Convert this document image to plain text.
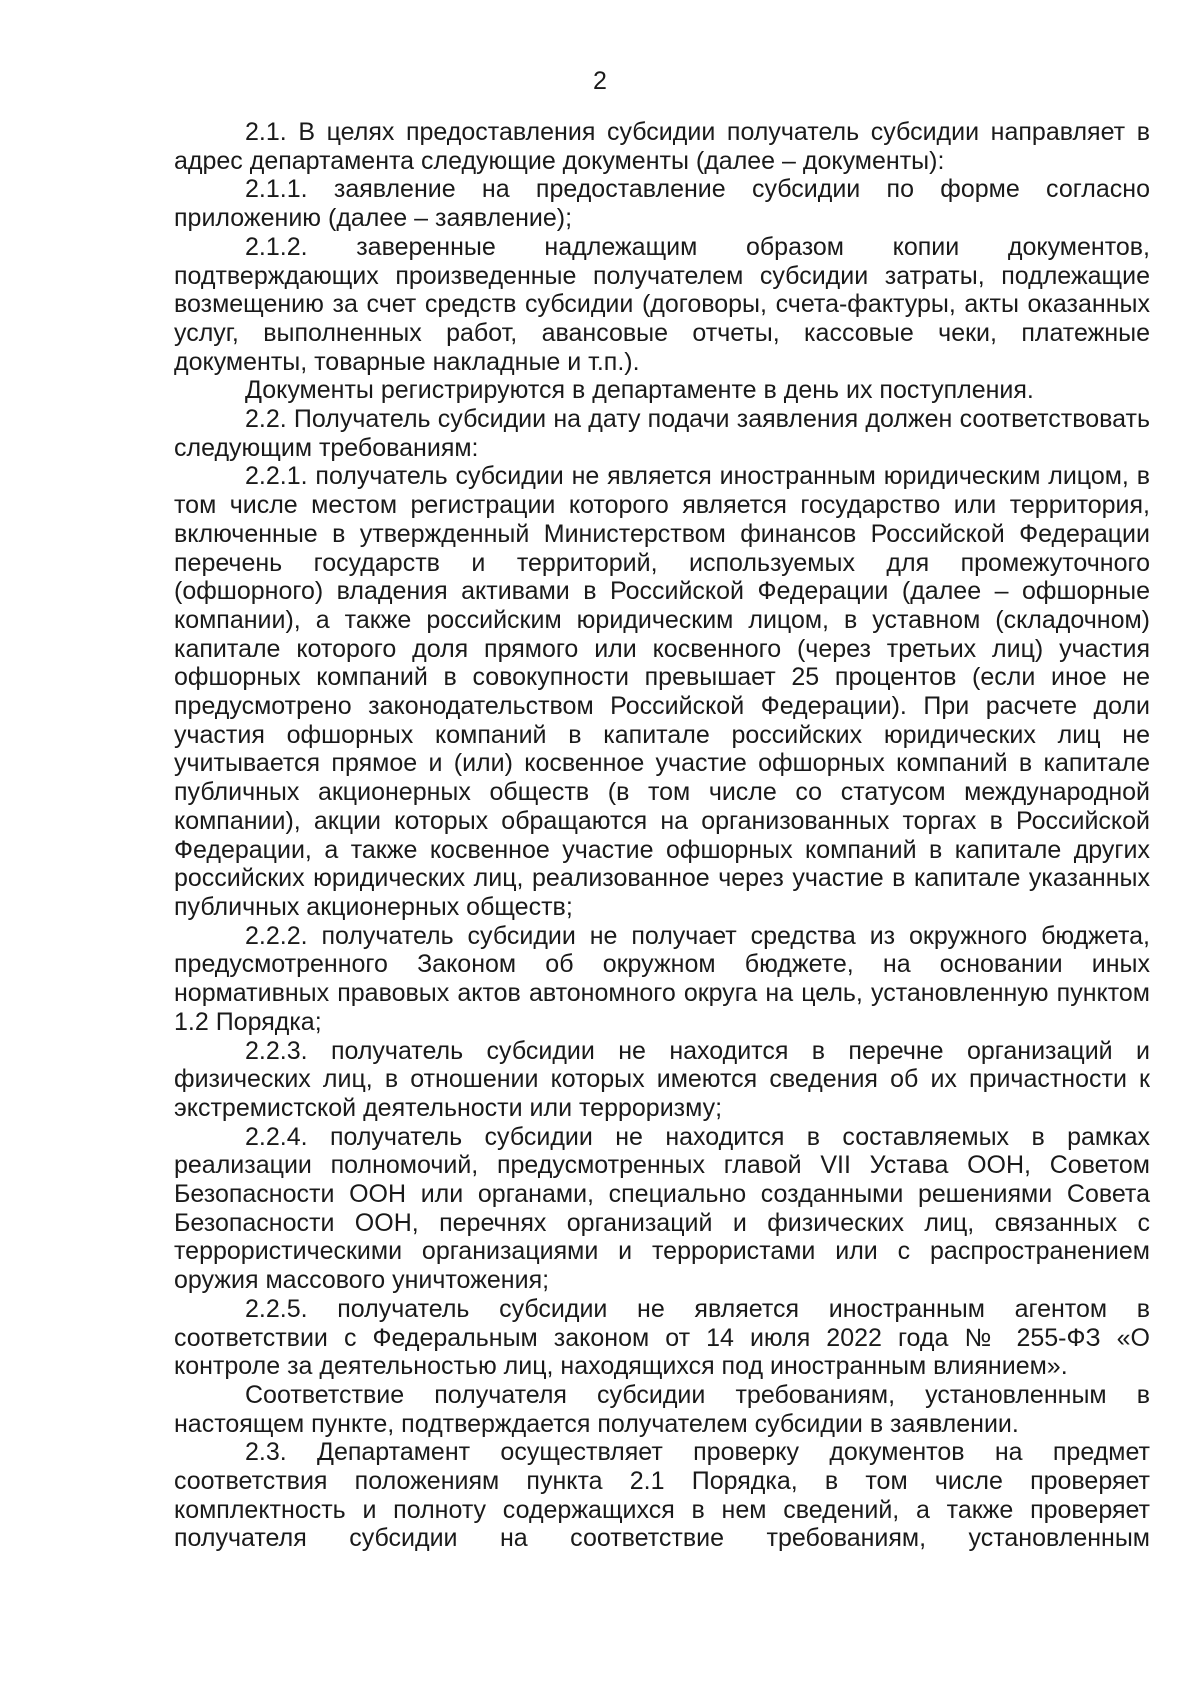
2

2.1. В целях предоставления субсидии получатель субсидии направляет в адрес департамента следующие документы (далее – документы):

2.1.1. заявление на предоставление субсидии по форме согласно приложению (далее – заявление);

2.1.2. заверенные надлежащим образом копии документов, подтверждающих произведенные получателем субсидии затраты, подлежащие возмещению за счет средств субсидии (договоры, счета-фактуры, акты оказанных услуг, выполненных работ, авансовые отчеты, кассовые чеки, платежные документы, товарные накладные и т.п.).

Документы регистрируются в департаменте в день их поступления.

2.2. Получатель субсидии на дату подачи заявления должен соответствовать следующим требованиям:

2.2.1. получатель субсидии не является иностранным юридическим лицом, в том числе местом регистрации которого является государство или территория, включенные в утвержденный Министерством финансов Российской Федерации перечень государств и территорий, используемых для промежуточного (офшорного) владения активами в Российской Федерации (далее – офшорные компании), а также российским юридическим лицом, в уставном (складочном) капитале которого доля прямого или косвенного (через третьих лиц) участия офшорных компаний в совокупности превышает 25 процентов (если иное не предусмотрено законодательством Российской Федерации). При расчете доли участия офшорных компаний в капитале российских юридических лиц не учитывается прямое и (или) косвенное участие офшорных компаний в капитале публичных акционерных обществ (в том числе со статусом международной компании), акции которых обращаются на организованных торгах в Российской Федерации, а также косвенное участие офшорных компаний в капитале других российских юридических лиц, реализованное через участие в капитале указанных публичных акционерных обществ;

2.2.2. получатель субсидии не получает средства из окружного бюджета, предусмотренного Законом об окружном бюджете, на основании иных нормативных правовых актов автономного округа на цель, установленную пунктом 1.2 Порядка;

2.2.3. получатель субсидии не находится в перечне организаций и физических лиц, в отношении которых имеются сведения об их причастности к экстремистской деятельности или терроризму;

2.2.4. получатель субсидии не находится в составляемых в рамках реализации полномочий, предусмотренных главой VII Устава ООН, Советом Безопасности ООН или органами, специально созданными решениями Совета Безопасности ООН, перечнях организаций и физических лиц, связанных с террористическими организациями и террористами или с распространением оружия массового уничтожения;

2.2.5. получатель субсидии не является иностранным агентом в соответствии с Федеральным законом от 14 июля 2022 года № 255-ФЗ «О контроле за деятельностью лиц, находящихся под иностранным влиянием».

Соответствие получателя субсидии требованиям, установленным в настоящем пункте, подтверждается получателем субсидии в заявлении.

2.3. Департамент осуществляет проверку документов на предмет соответствия положениям пункта 2.1 Порядка, в том числе проверяет комплектность и полноту содержащихся в нем сведений, а также проверяет получателя субсидии на соответствие требованиям, установленным
